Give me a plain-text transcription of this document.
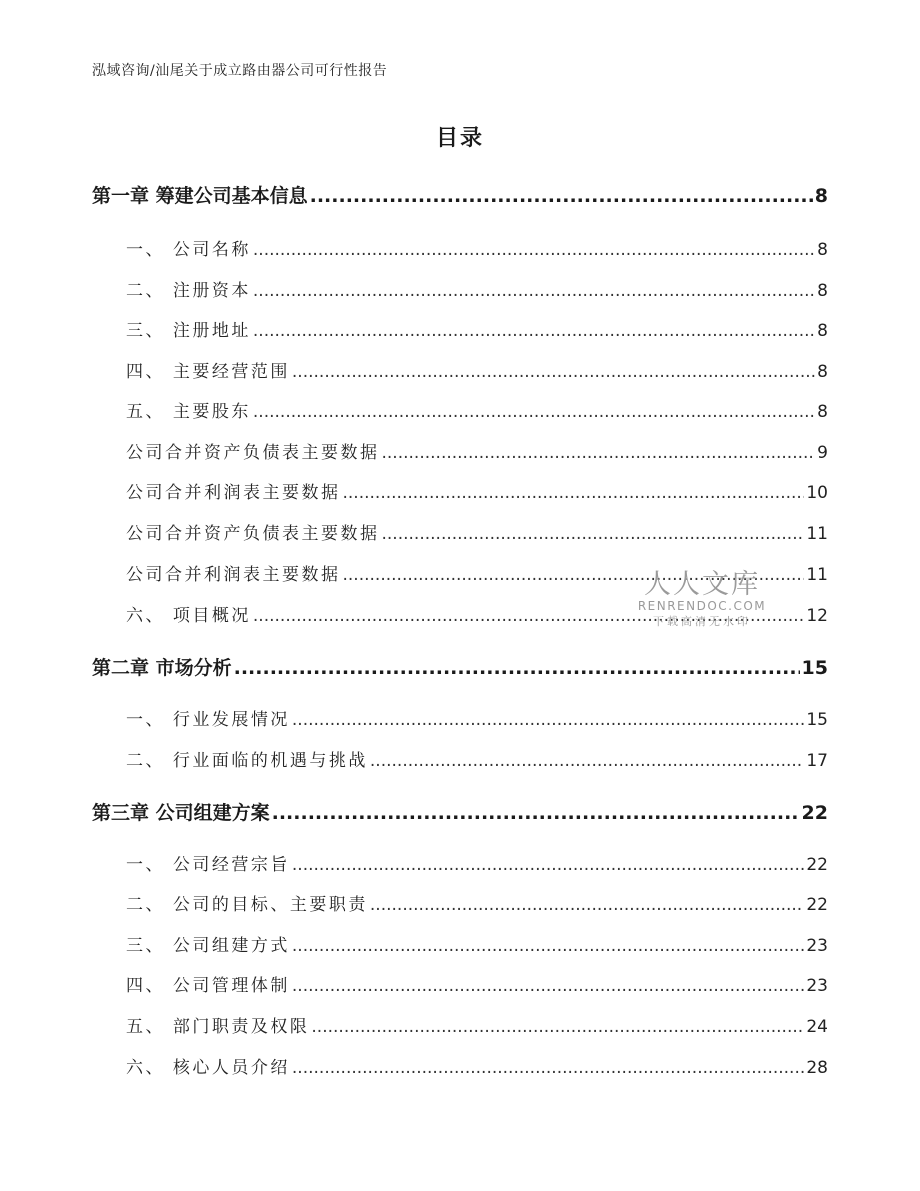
泓域咨询/汕尾关于成立路由器公司可行性报告
目录
第一章 筹建公司基本信息 .....	8
一、 公司名称 .....	8
二、 注册资本 .....	8
三、 注册地址 .....	8
四、 主要经营范围 .....	8
五、 主要股东 .....	8
公司合并资产负债表主要数据 .....	9
公司合并利润表主要数据 .....	10
公司合并资产负债表主要数据 .....	11
公司合并利润表主要数据 .....	11
六、 项目概况 .....	12
第二章 市场分析 .....	15
一、 行业发展情况 .....	15
二、 行业面临的机遇与挑战 .....	17
第三章 公司组建方案 .....	22
一、 公司经营宗旨 .....	22
二、 公司的目标、主要职责 .....	22
三、 公司组建方式 .....	23
四、 公司管理体制 .....	23
五、 部门职责及权限 .....	24
六、 核心人员介绍 .....	28
人人文库
RENRENDOC.COM
下载高清无水印
